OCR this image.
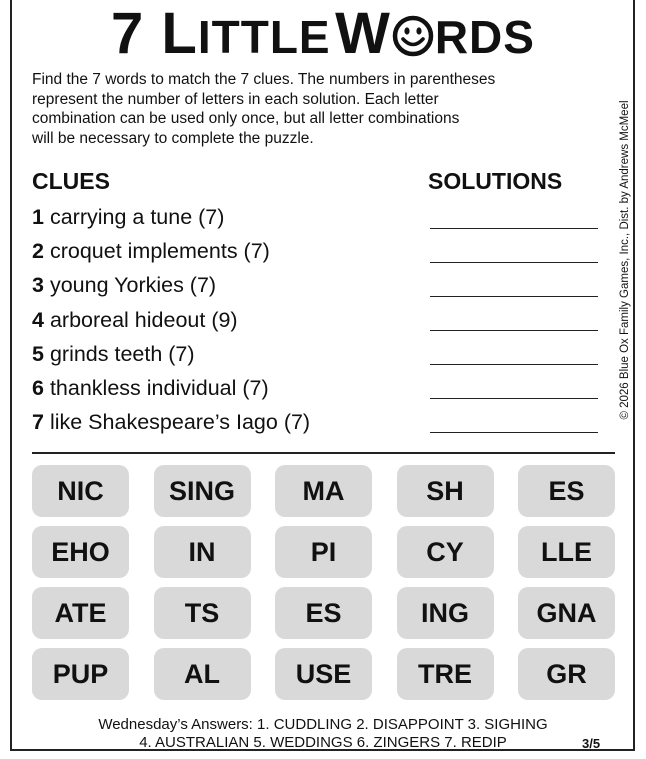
7 LITTLE W RDS
Find the 7 words to match the 7 clues. The numbers in parentheses
represent the number of letters in each solution. Each letter
combination can be used only once, but all letter combinations
will be necessary to complete the puzzle.	© 2026 Blue Ox Family Games, Inc., Dist. by Andrews McMeel
CLUES	SOLUTIONS
1 carrying a tune (7)
2 croquet implements (7)
3 young Yorkies (7)
4 arboreal hideout (9)
5 grinds teeth (7)
6 thankless individual (7)
7 like Shakespeare’s Iago (7)
NIC	SING	MA	SH	ES
EHO	IN	PI	CY	LLE
ATE	TS	ES	ING	GNA
PUP	AL	USE	TRE	GR
Wednesday’s Answers: 1. CUDDLING 2. DISAPPOINT 3. SIGHING
4. AUSTRALIAN 5. WEDDINGS 6. ZINGERS 7. REDIP	3/5
